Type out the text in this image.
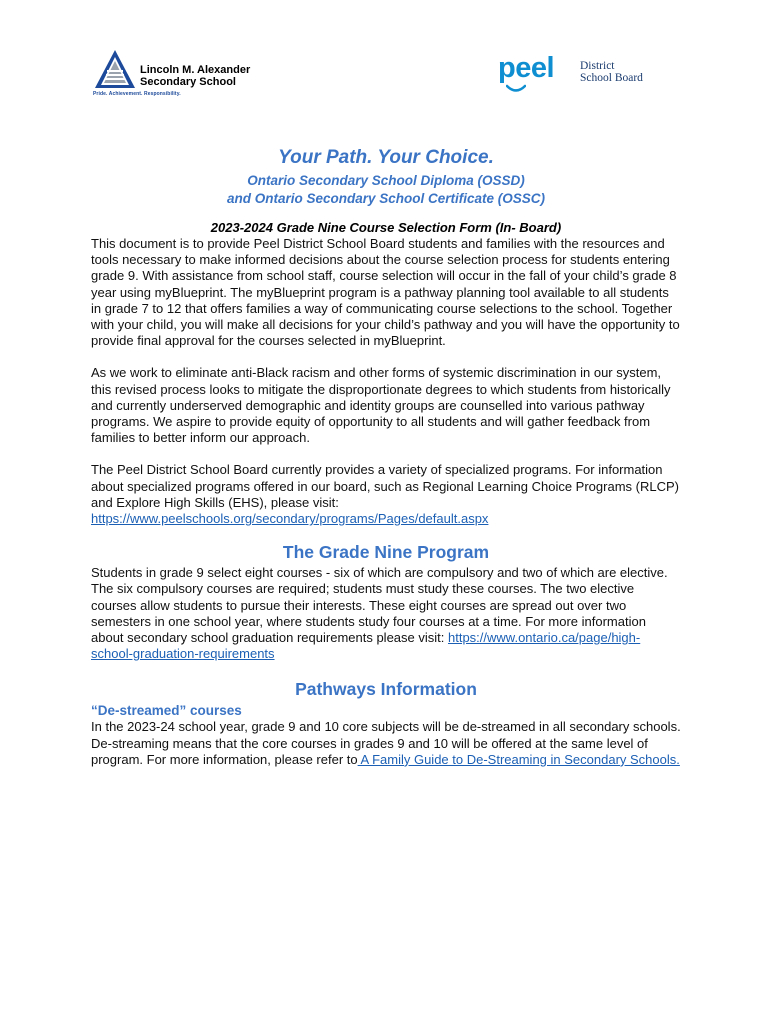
Lincoln M. Alexander
Secondary School
Pride. Achievement. Responsibility.
peel District
School Board
Your Path. Your Choice.
Ontario Secondary School Diploma (OSSD)
and Ontario Secondary School Certificate (OSSC)
2023-2024 Grade Nine Course Selection Form (In- Board)

This document is to provide Peel District School Board students and families with the resources and tools necessary to make informed decisions about the course selection process for students entering grade 9. With assistance from school staff, course selection will occur in the fall of your child’s grade 8 year using myBlueprint. The myBlueprint program is a pathway planning tool available to all students in grade 7 to 12 that offers families a way of communicating course selections to the school. Together with your child, you will make all decisions for your child’s pathway and you will have the opportunity to provide final approval for the courses selected in myBlueprint.

As we work to eliminate anti-Black racism and other forms of systemic discrimination in our system, this revised process looks to mitigate the disproportionate degrees to which students from historically and currently underserved demographic and identity groups are counselled into various pathway programs. We aspire to provide equity of opportunity to all students and will gather feedback from families to better inform our approach.

The Peel District School Board currently provides a variety of specialized programs. For information about specialized programs offered in our board, such as Regional Learning Choice Programs (RLCP) and Explore High Skills (EHS), please visit: https://www.peelschools.org/secondary/programs/Pages/default.aspx

The Grade Nine Program

Students in grade 9 select eight courses - six of which are compulsory and two of which are elective. The six compulsory courses are required; students must study these courses. The two elective courses allow students to pursue their interests. These eight courses are spread out over two semesters in one school year, where students study four courses at a time. For more information about secondary school graduation requirements please visit: https://www.ontario.ca/page/high-school-graduation-requirements

Pathways Information
“De-streamed” courses

In the 2023-24 school year, grade 9 and 10 core subjects will be de-streamed in all secondary schools. De-streaming means that the core courses in grades 9 and 10 will be offered at the same level of program. For more information, please refer to A Family Guide to De-Streaming in Secondary Schools.
